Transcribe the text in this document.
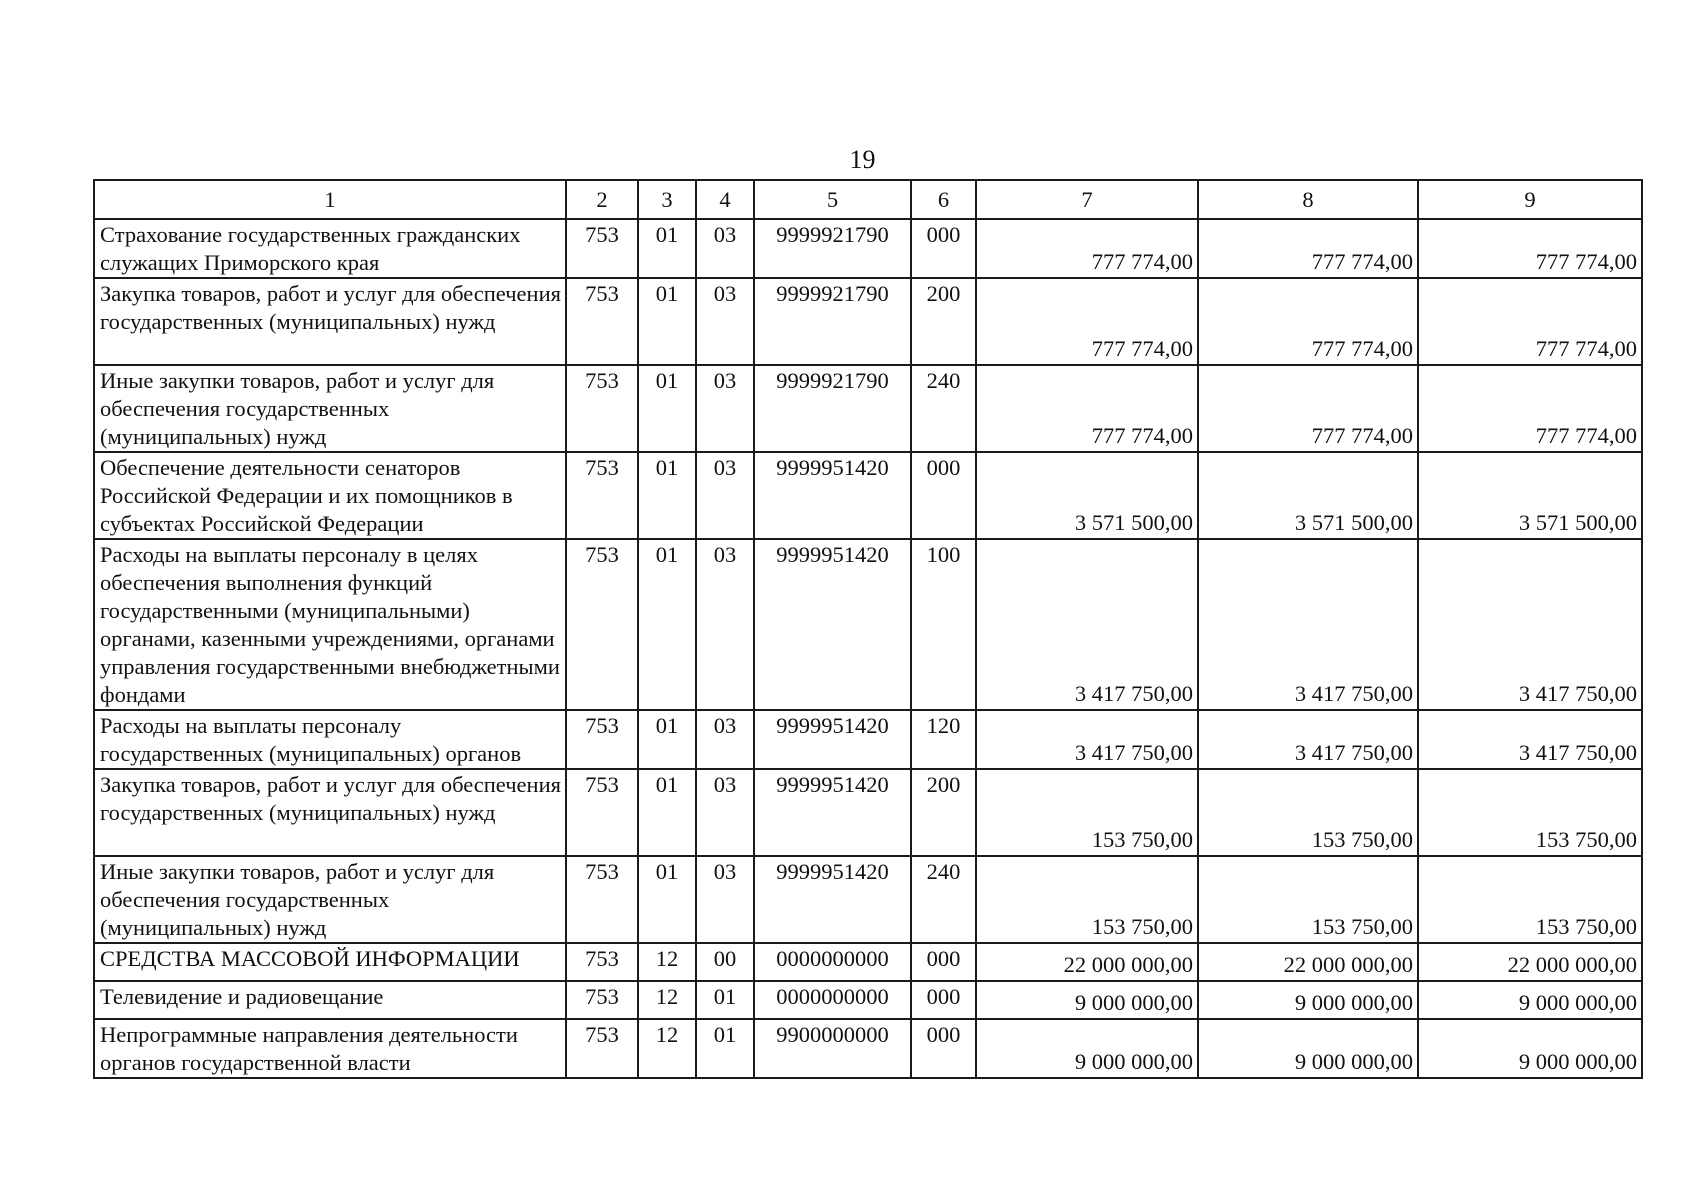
19
1	2	3	4	5	6	7	8	9
Страхование государственных гражданских служащих Приморского края	753	01	03	9999921790	000	777 774,00	777 774,00	777 774,00
Закупка товаров, работ и услуг для обеспечения государственных (муниципальных) нужд	753	01	03	9999921790	200	777 774,00	777 774,00	777 774,00
Иные закупки товаров, работ и услуг для обеспечения государственных (муниципальных) нужд	753	01	03	9999921790	240	777 774,00	777 774,00	777 774,00
Обеспечение деятельности сенаторов Российской Федерации и их помощников в субъектах Российской Федерации	753	01	03	9999951420	000	3 571 500,00	3 571 500,00	3 571 500,00
Расходы на выплаты персоналу в целях обеспечения выполнения функций государственными (муниципальными) органами, казенными учреждениями, органами управления государственными внебюджетными фондами	753	01	03	9999951420	100	3 417 750,00	3 417 750,00	3 417 750,00
Расходы на выплаты персоналу государственных (муниципальных) органов	753	01	03	9999951420	120	3 417 750,00	3 417 750,00	3 417 750,00
Закупка товаров, работ и услуг для обеспечения государственных (муниципальных) нужд	753	01	03	9999951420	200	153 750,00	153 750,00	153 750,00
Иные закупки товаров, работ и услуг для обеспечения государственных (муниципальных) нужд	753	01	03	9999951420	240	153 750,00	153 750,00	153 750,00
СРЕДСТВА МАССОВОЙ ИНФОРМАЦИИ	753	12	00	0000000000	000	22 000 000,00	22 000 000,00	22 000 000,00
Телевидение и радиовещание	753	12	01	0000000000	000	9 000 000,00	9 000 000,00	9 000 000,00
Непрограммные направления деятельности органов государственной власти	753	12	01	9900000000	000	9 000 000,00	9 000 000,00	9 000 000,00
